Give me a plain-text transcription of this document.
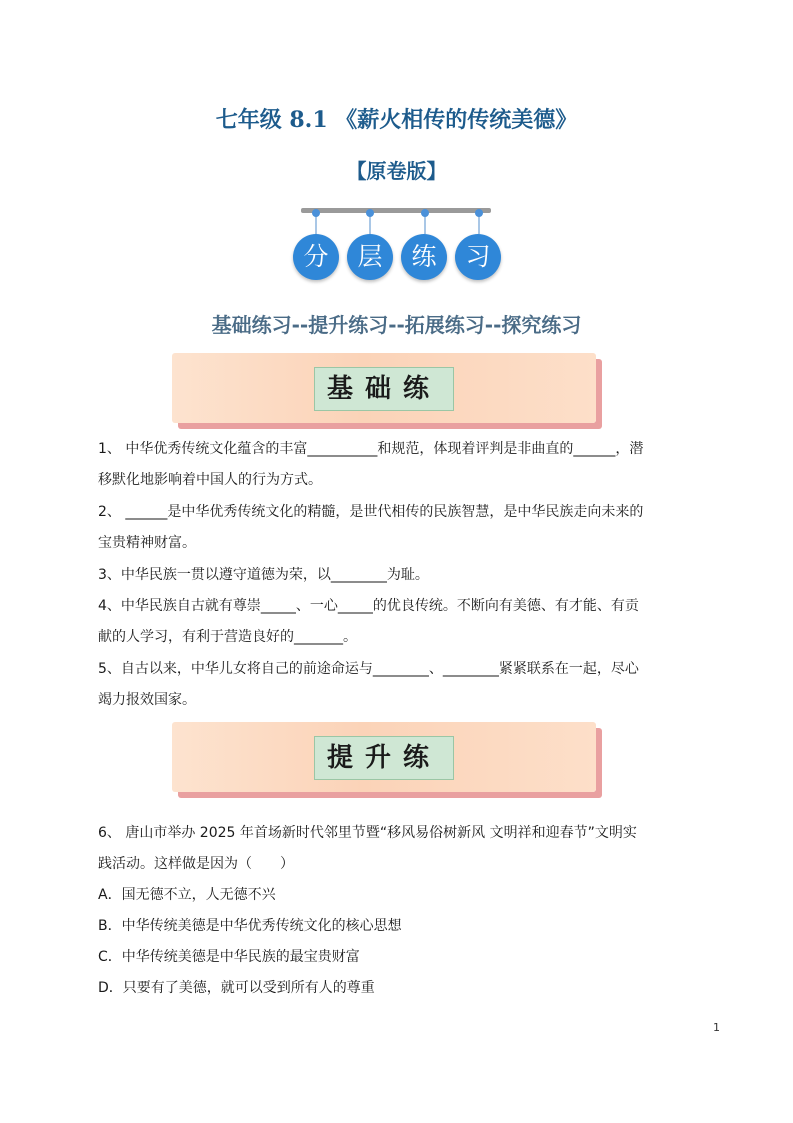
七年级 8.1 《薪火相传的传统美德》
【原卷版】
分	层	练	习
基础练习--提升练习--拓展练习--探究练习
基础练
1、 中华优秀传统文化蕴含的丰富__________和规范，体现着评判是非曲直的______，潜
移默化地影响着中国人的行为方式。
2、 ______是中华优秀传统文化的精髓，是世代相传的民族智慧，是中华民族走向未来的
宝贵精神财富。
3、中华民族一贯以遵守道德为荣，以________为耻。
4、中华民族自古就有尊崇_____、一心_____的优良传统。不断向有美德、有才能、有贡
献的人学习，有利于营造良好的_______。
5、自古以来，中华儿女将自己的前途命运与________、________紧紧联系在一起，尽心
竭力报效国家。
提升练
6、 唐山市举办 2025 年首场新时代邻里节暨“移风易俗树新风 文明祥和迎春节”文明实
践活动。这样做是因为（　　）
A．国无德不立，人无德不兴
B．中华传统美德是中华优秀传统文化的核心思想
C．中华传统美德是中华民族的最宝贵财富
D．只要有了美德，就可以受到所有人的尊重
1
